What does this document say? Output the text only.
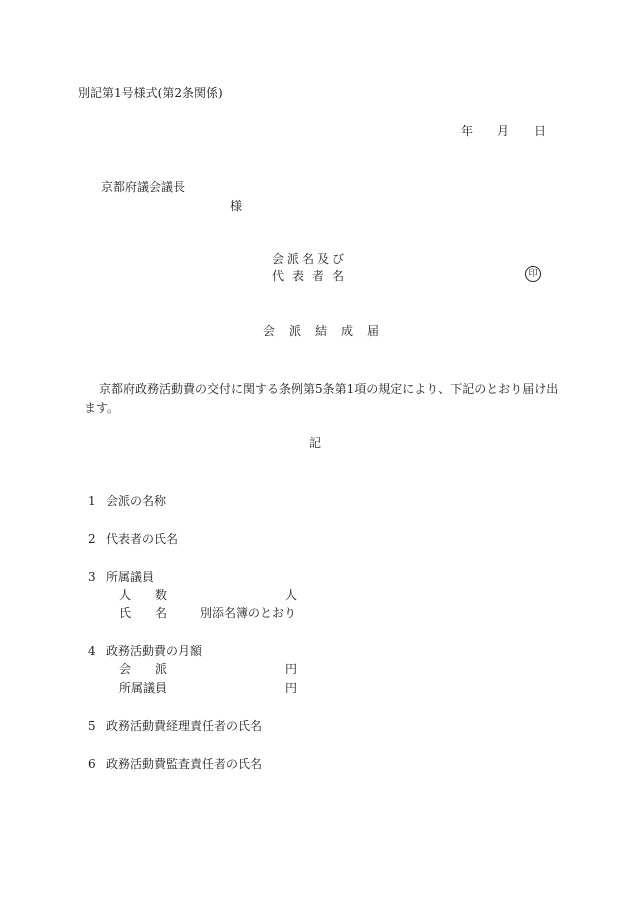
別記第1号様式(第2条関係)
年 月 日
京都府議会議長
様
会派名及び
代表者名	印
会派結成届
京都府政務活動費の交付に関する条例第5条第1項の規定により、下記のとおり届け出ます。
記
1 会派の名称
2 代表者の氏名
3 所属議員
人　　数	人
氏　　名	別添名簿のとおり
4 政務活動費の月額
会　　派	円
所属議員	円
5 政務活動費経理責任者の氏名
6 政務活動費監査責任者の氏名
